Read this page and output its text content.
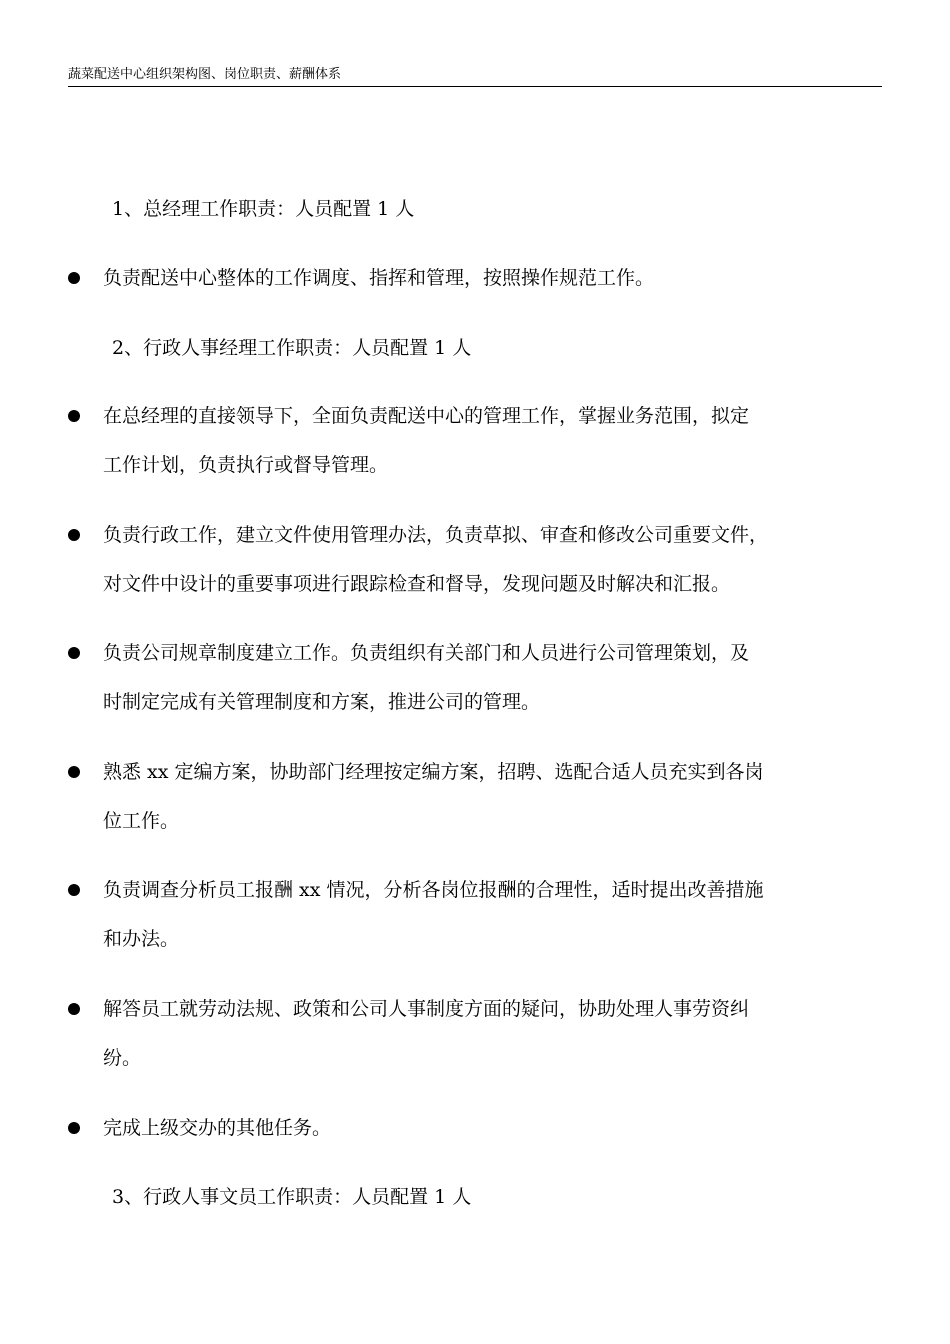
蔬菜配送中心组织架构图、岗位职责、薪酬体系
1、总经理工作职责：人员配置 1 人
负责配送中心整体的工作调度、指挥和管理，按照操作规范工作。
2、行政人事经理工作职责：人员配置 1 人
在总经理的直接领导下，全面负责配送中心的管理工作，掌握业务范围，拟定
工作计划，负责执行或督导管理。
负责行政工作，建立文件使用管理办法，负责草拟、审查和修改公司重要文件，
对文件中设计的重要事项进行跟踪检查和督导，发现问题及时解决和汇报。
负责公司规章制度建立工作。负责组织有关部门和人员进行公司管理策划，及
时制定完成有关管理制度和方案，推进公司的管理。
熟悉 xx 定编方案，协助部门经理按定编方案，招聘、选配合适人员充实到各岗
位工作。
负责调查分析员工报酬 xx 情况，分析各岗位报酬的合理性，适时提出改善措施
和办法。
解答员工就劳动法规、政策和公司人事制度方面的疑问，协助处理人事劳资纠
纷。
完成上级交办的其他任务。
3、行政人事文员工作职责：人员配置 1 人
